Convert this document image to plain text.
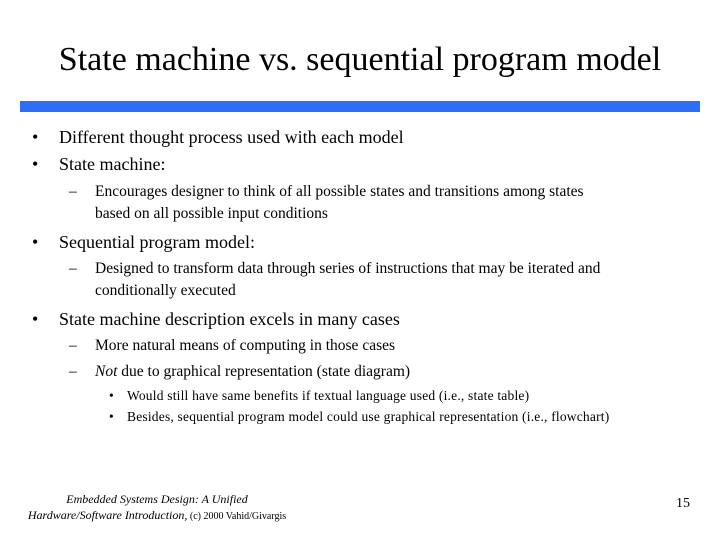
State machine vs. sequential program model
• Different thought process used with each model
• State machine:
– Encourages designer to think of all possible states and transitions among states
based on all possible input conditions
• Sequential program model:
– Designed to transform data through series of instructions that may be iterated and
conditionally executed
• State machine description excels in many cases
– More natural means of computing in those cases
– Not due to graphical representation (state diagram)
• Would still have same benefits if textual language used (i.e., state table)
• Besides, sequential program model could use graphical representation (i.e., flowchart)
Embedded Systems Design: A Unified
Hardware/Software Introduction, (c) 2000 Vahid/Givargis
15
